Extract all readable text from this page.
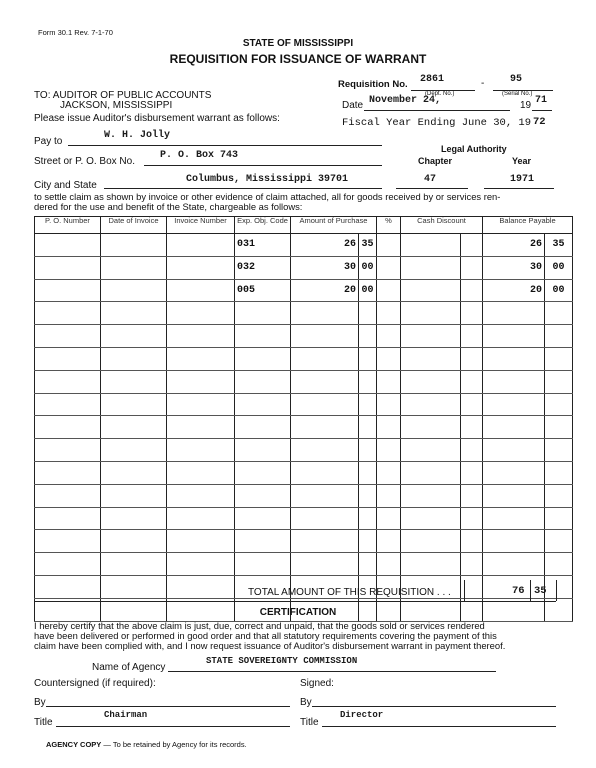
Form 30.1 Rev. 7-1-70
STATE OF MISSISSIPPI
REQUISITION FOR ISSUANCE OF WARRANT
TO: AUDITOR OF PUBLIC ACCOUNTS
JACKSON, MISSISSIPPI
Please issue Auditor's disbursement warrant as follows:
Requisition No. 2861	-	95
(Dept. No.)	(Serial No.)
Date November 24,	19 71
Fiscal Year Ending June 30, 19 72
Pay to
W. H. Jolly
Street or P. O. Box No.
P. O. Box 743
City and State
Columbus, Mississippi 39701
Legal Authority
Chapter	Year
47	1971
to settle claim as shown by invoice or other evidence of claim attached, all for goods received by or services ren-
dered for the use and benefit of the State, chargeable as follows:
P. O. Number	Date of Invoice	Invoice Number	Exp. Obj. Code	Amount of Purchase		%	Cash Discount		Balance Payable	
			031	26	35				26	35
			032	30	00				30	00
			005	20	00				20	00

TOTAL AMOUNT OF THIS REQUISITION . . .	76 35
CERTIFICATION
I hereby certify that the above claim is just, due, correct and unpaid, that the goods sold or services rendered
have been delivered or performed in good order and that all statutory requirements covering the payment of this
claim have been complied with, and I now request issuance of Auditor's disbursement warrant in payment thereof.
Name of Agency
STATE SOVEREIGNTY COMMISSION
Countersigned (if required):	Signed:
By	By
Title
Chairman
Title
Director
AGENCY COPY — To be retained by Agency for its records.
